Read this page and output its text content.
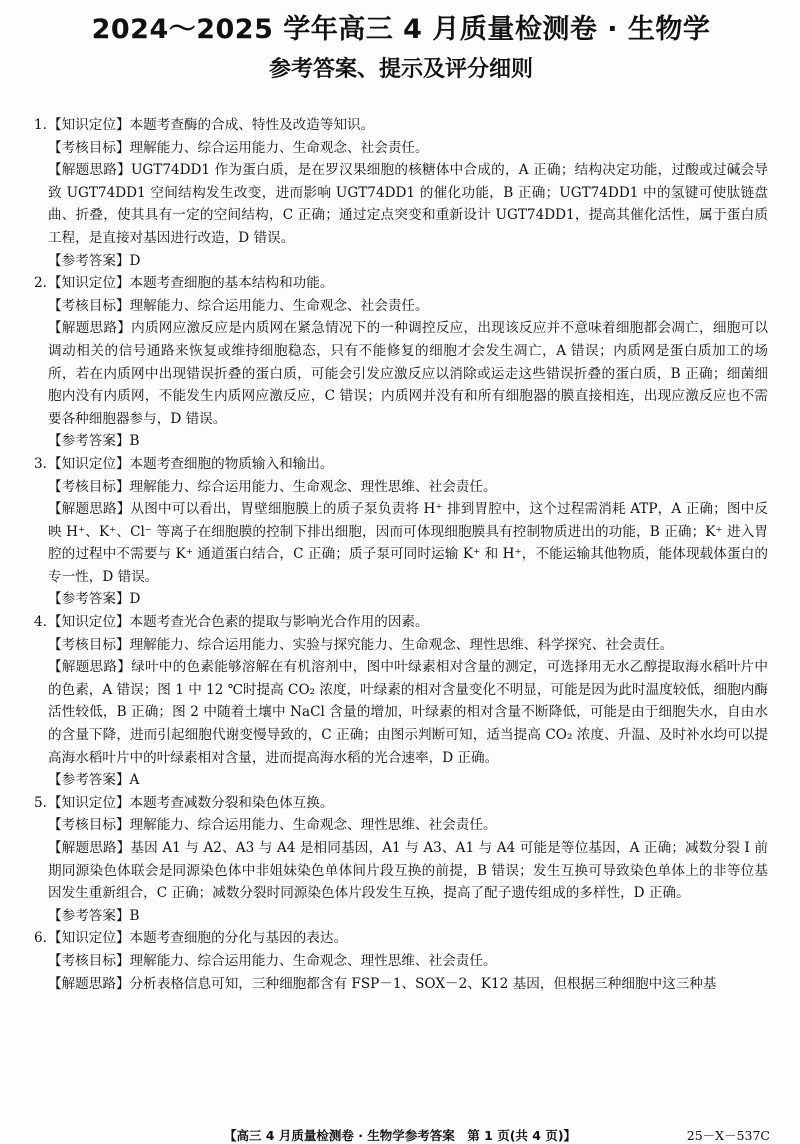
2024～2025 学年高三 4 月质量检测卷 · 生物学
参考答案、提示及评分细则

1.【知识定位】本题考查酶的合成、特性及改造等知识。

【考核目标】理解能力、综合运用能力、生命观念、社会责任。

【解题思路】UGT74DD1 作为蛋白质，是在罗汉果细胞的核糖体中合成的，A 正确；结构决定功能，过酸或过碱会导致 UGT74DD1 空间结构发生改变，进而影响 UGT74DD1 的催化功能，B 正确；UGT74DD1 中的氢键可使肽链盘曲、折叠，使其具有一定的空间结构，C 正确；通过定点突变和重新设计 UGT74DD1，提高其催化活性，属于蛋白质工程，是直接对基因进行改造，D 错误。

【参考答案】D

2.【知识定位】本题考查细胞的基本结构和功能。

【考核目标】理解能力、综合运用能力、生命观念、社会责任。

【解题思路】内质网应激反应是内质网在紧急情况下的一种调控反应，出现该反应并不意味着细胞都会凋亡，细胞可以调动相关的信号通路来恢复或维持细胞稳态，只有不能修复的细胞才会发生凋亡，A 错误；内质网是蛋白质加工的场所，若在内质网中出现错误折叠的蛋白质，可能会引发应激反应以消除或运走这些错误折叠的蛋白质，B 正确；细菌细胞内没有内质网，不能发生内质网应激反应，C 错误；内质网并没有和所有细胞器的膜直接相连，出现应激反应也不需要各种细胞器参与，D 错误。

【参考答案】B

3.【知识定位】本题考查细胞的物质输入和输出。

【考核目标】理解能力、综合运用能力、生命观念、理性思维、社会责任。

【解题思路】从图中可以看出，胃壁细胞膜上的质子泵负责将 H⁺ 排到胃腔中，这个过程需消耗 ATP，A 正确；图中反映 H⁺、K⁺、Cl⁻ 等离子在细胞膜的控制下排出细胞，因而可体现细胞膜具有控制物质进出的功能，B 正确；K⁺ 进入胃腔的过程中不需要与 K⁺ 通道蛋白结合，C 正确；质子泵可同时运输 K⁺ 和 H⁺，不能运输其他物质，能体现载体蛋白的专一性，D 错误。

【参考答案】D

4.【知识定位】本题考查光合色素的提取与影响光合作用的因素。

【考核目标】理解能力、综合运用能力、实验与探究能力、生命观念、理性思维、科学探究、社会责任。

【解题思路】绿叶中的色素能够溶解在有机溶剂中，图中叶绿素相对含量的测定，可选择用无水乙醇提取海水稻叶片中的色素，A 错误；图 1 中 12 ℃时提高 CO₂ 浓度，叶绿素的相对含量变化不明显，可能是因为此时温度较低，细胞内酶活性较低，B 正确；图 2 中随着土壤中 NaCl 含量的增加，叶绿素的相对含量不断降低，可能是由于细胞失水，自由水的含量下降，进而引起细胞代谢变慢导致的，C 正确；由图示判断可知，适当提高 CO₂ 浓度、升温、及时补水均可以提高海水稻叶片中的叶绿素相对含量，进而提高海水稻的光合速率，D 正确。

【参考答案】A

5.【知识定位】本题考查减数分裂和染色体互换。

【考核目标】理解能力、综合运用能力、生命观念、理性思维、社会责任。

【解题思路】基因 A1 与 A2、A3 与 A4 是相同基因，A1 与 A3、A1 与 A4 可能是等位基因，A 正确；减数分裂 Ⅰ 前期同源染色体联会是同源染色体中非姐妹染色单体间片段互换的前提，B 错误；发生互换可导致染色单体上的非等位基因发生重新组合，C 正确；减数分裂时同源染色体片段发生互换，提高了配子遗传组成的多样性，D 正确。

【参考答案】B

6.【知识定位】本题考查细胞的分化与基因的表达。

【考核目标】理解能力、综合运用能力、生命观念、理性思维、社会责任。

【解题思路】分析表格信息可知，三种细胞都含有 FSP－1、SOX－2、K12 基因，但根据三种细胞中这三种基

【高三 4 月质量检测卷 · 生物学参考答案　第 1 页(共 4 页)】	25－X－537C
